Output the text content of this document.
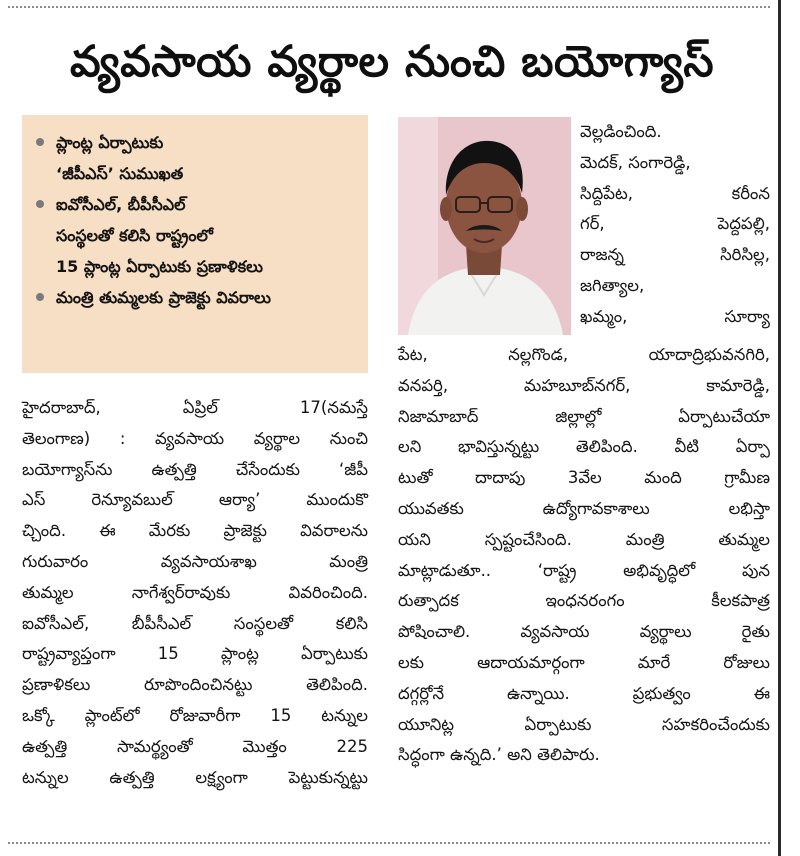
వ్యవసాయ వ్యర్థాల నుంచి బయోగ్యాస్
ప్లాంట్ల ఏర్పాటుకు
‘జీపీఎస్’ సుముఖత
ఐవోసీఎల్, బీపీసీఎల్
సంస్థలతో కలిసి రాష్ట్రంలో
15 ప్లాంట్ల ఏర్పాటుకు ప్రణాళికలు
మంత్రి తుమ్మలకు ప్రాజెక్టు వివరాలు
హైదరాబాద్, ఏప్రిల్ 17(నమస్తే
తెలంగాణ) : వ్యవసాయ వ్యర్థాల నుంచి
బయోగ్యాస్‌ను ఉత్పత్తి చేసేందుకు ‘జీపీ
ఎస్ రెన్యూవబుల్ ఆర్యా’ ముందుకొ
చ్చింది. ఈ మేరకు ప్రాజెక్టు వివరాలను
గురువారం వ్యవసాయశాఖ మంత్రి
తుమ్మల నాగేశ్వర్‌రావుకు వివరించింది.
ఐవోసీఎల్, బీపీసీఎల్ సంస్థలతో కలిసి
రాష్ట్రవ్యాప్తంగా 15 ప్లాంట్ల ఏర్పాటుకు
ప్రణాళికలు రూపొందించినట్టు తెలిపింది.
ఒక్కో ప్లాంట్‌లో రోజువారీగా 15 టన్నుల
ఉత్పత్తి సామర్థ్యంతో మొత్తం 225
టన్నుల ఉత్పత్తి లక్ష్యంగా పెట్టుకున్నట్టు
వెల్లడించింది.
మెదక్, సంగారెడ్డి,
సిద్దిపేట, కరీంన
గర్, పెద్దపల్లి,
రాజన్న సిరిసిల్ల,
జగిత్యాల,
ఖమ్మం, సూర్యా
పేట, నల్లగొండ, యాదాద్రిభువనగిరి,
వనపర్తి, మహబూబ్‌నగర్, కామారెడ్డి,
నిజామాబాద్ జిల్లాల్లో ఏర్పాటుచేయా
లని భావిస్తున్నట్టు తెలిపింది. వీటి ఏర్పా
టుతో దాదాపు 3వేల మంది గ్రామీణ
యువతకు ఉద్యోగావకాశాలు లభిస్తా
యని స్పష్టంచేసింది. మంత్రి తుమ్మల
మాట్లాడుతూ.. ‘రాష్ట్ర అభివృద్ధిలో పున
రుత్పాదక ఇంధనరంగం కీలకపాత్ర
పోషించాలి. వ్యవసాయ వ్యర్థాలు రైతు
లకు ఆదాయమార్గంగా మారే రోజులు
దగ్గర్లోనే ఉన్నాయి. ప్రభుత్వం ఈ
యూనిట్ల ఏర్పాటుకు సహకరించేందుకు
సిద్ధంగా ఉన్నది.’ అని తెలిపారు.
